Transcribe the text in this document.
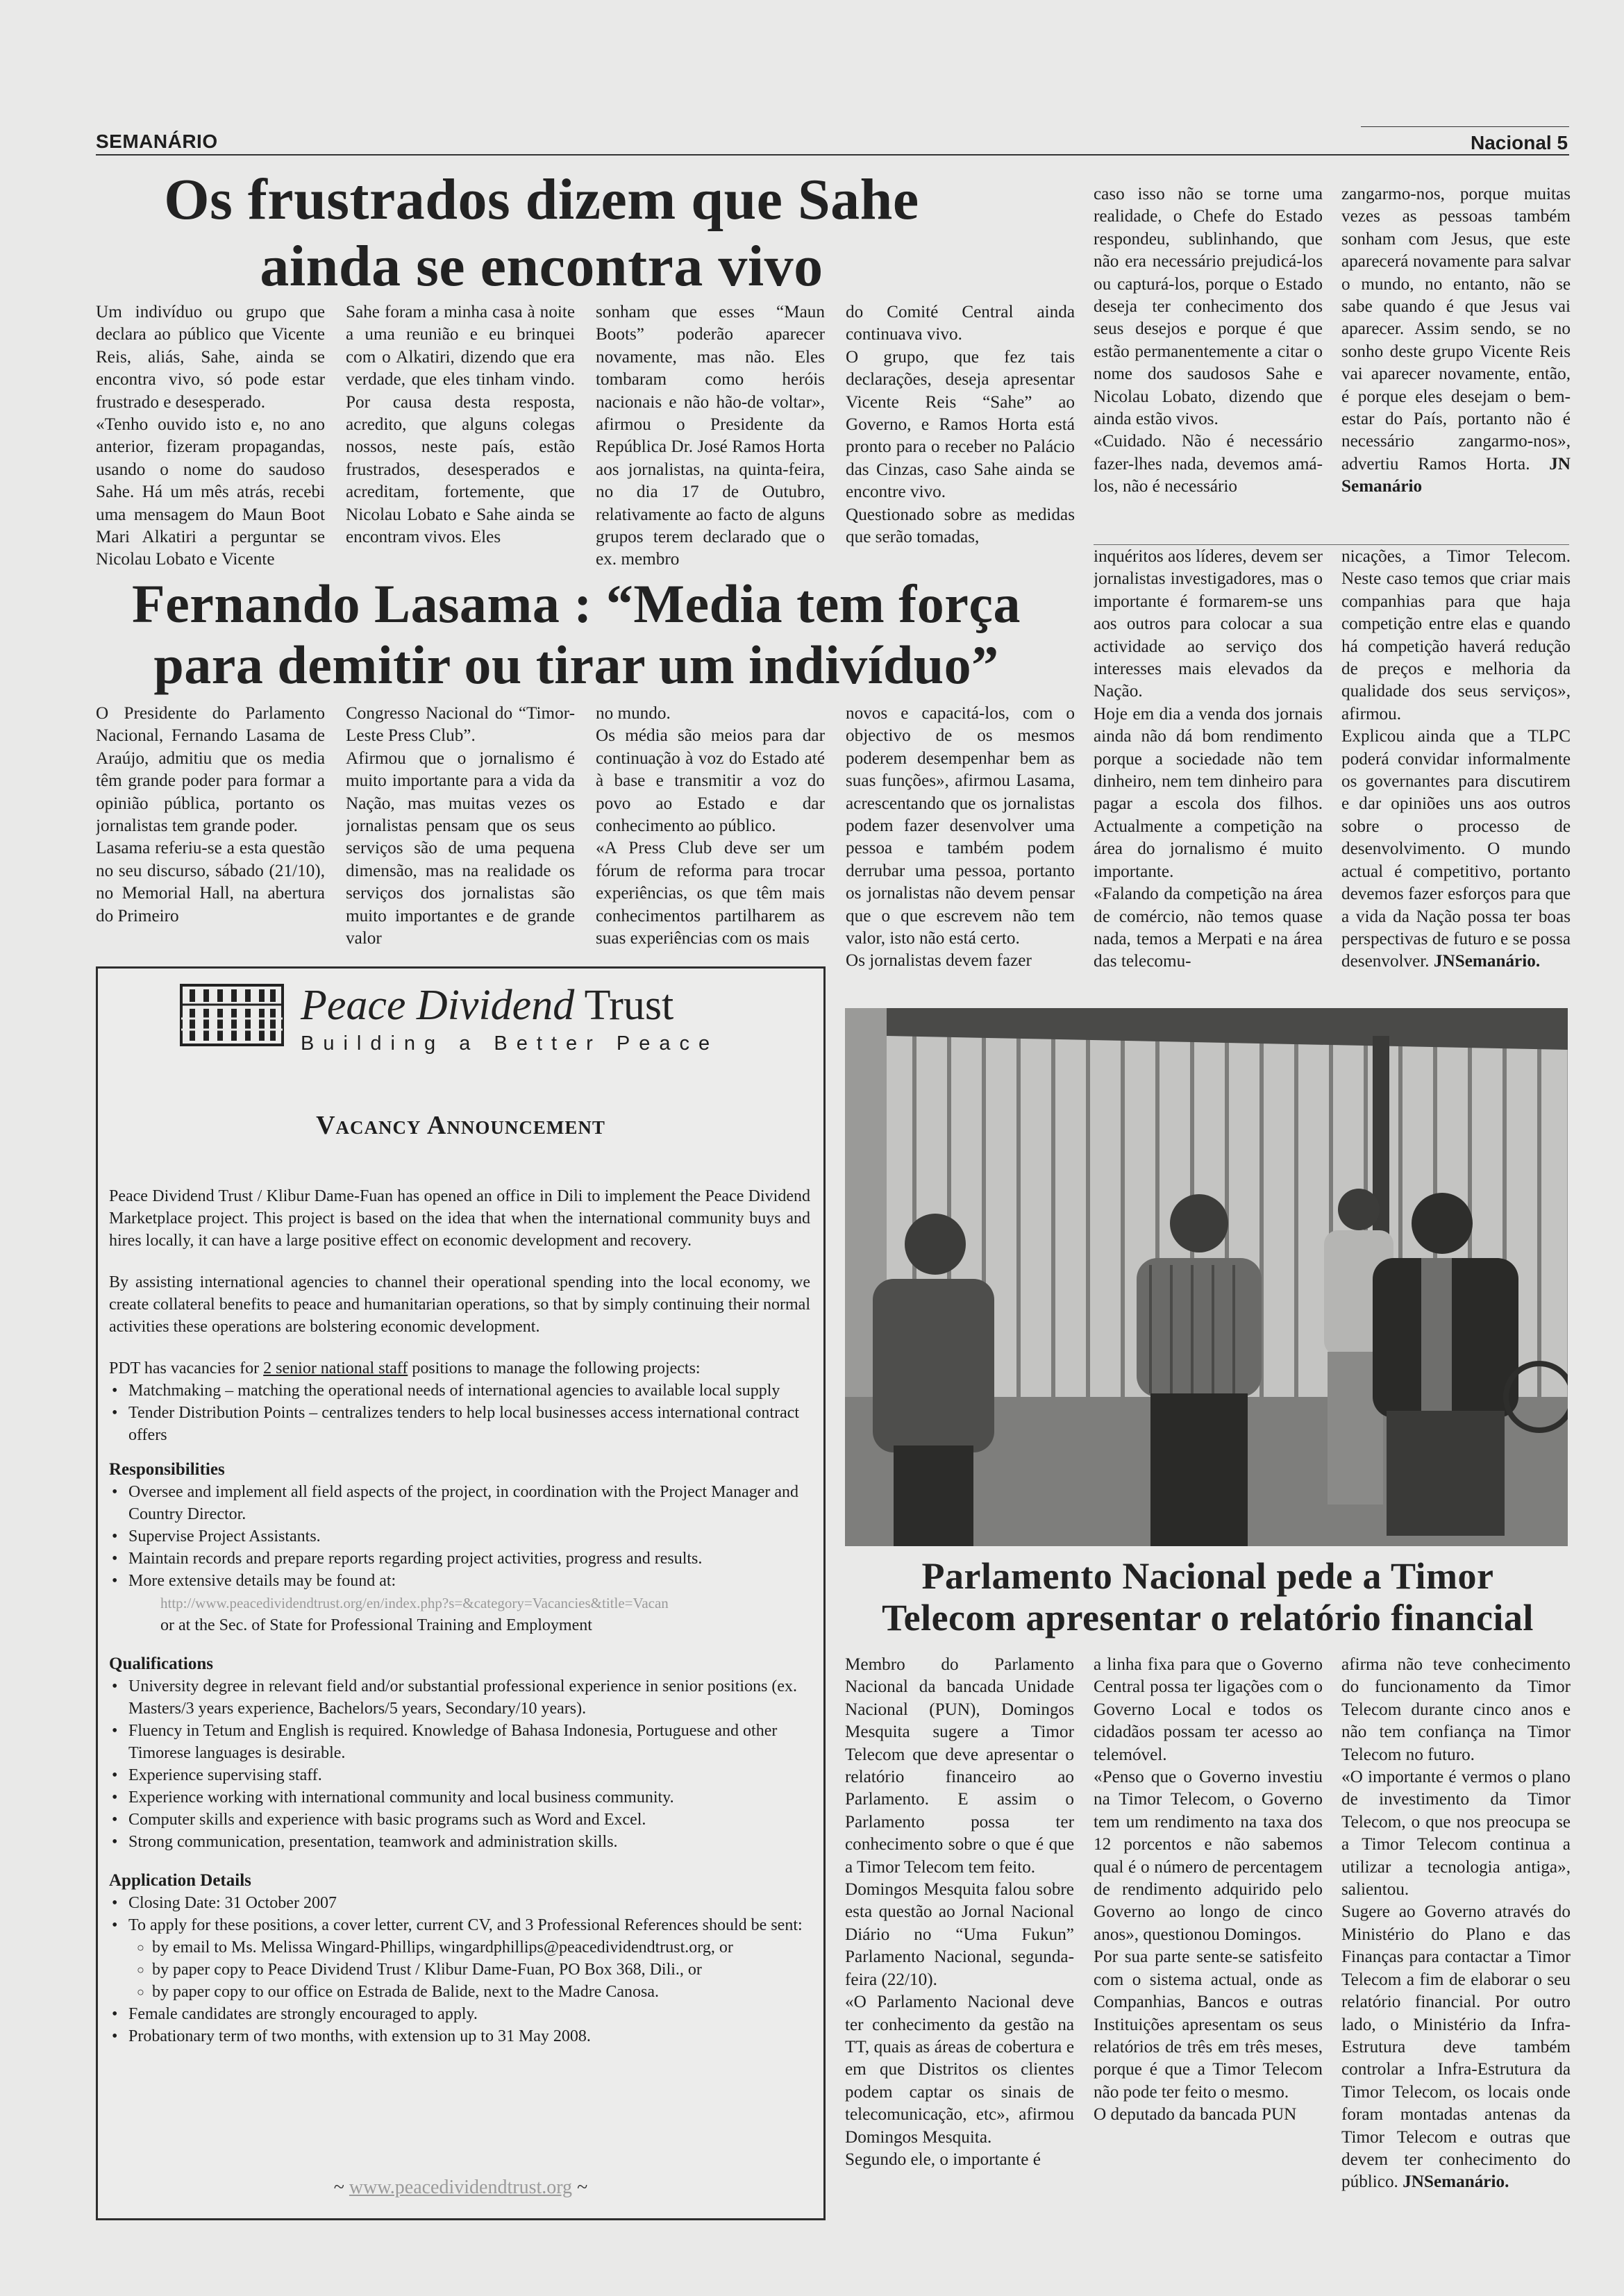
SEMANÁRIO	Nacional 5
Os frustrados dizem que Sahe ainda se encontra vivo

Um indivíduo ou grupo que declara ao público que Vicente Reis, aliás, Sahe, ainda se encontra vivo, só pode estar frustrado e desesperado.
«Tenho ouvido isto e, no ano anterior, fizeram propagandas, usando o nome do saudoso Sahe. Há um mês atrás, recebi uma mensagem do Maun Boot Mari Alkatiri a perguntar se Nicolau Lobato e Vicente

Sahe foram a minha casa à noite a uma reunião e eu brinquei com o Alkatiri, dizendo que era verdade, que eles tinham vindo. Por causa desta resposta, acredito, que alguns colegas nossos, neste país, estão frustrados, desesperados e acreditam, fortemente, que Nicolau Lobato e Sahe ainda se encontram vivos. Eles

sonham que esses “Maun Boots” poderão aparecer novamente, mas não. Eles tombaram como heróis nacionais e não hão-de voltar», afirmou o Presidente da República Dr. José Ramos Horta aos jornalistas, na quinta-feira, no dia 17 de Outubro, relativamente ao facto de alguns grupos terem declarado que o ex. membro

do Comité Central ainda continuava vivo.
O grupo, que fez tais declarações, deseja apresentar Vicente Reis “Sahe” ao Governo, e Ramos Horta está pronto para o receber no Palácio das Cinzas, caso Sahe ainda se encontre vivo.
Questionado sobre as medidas que serão tomadas,

caso isso não se torne uma realidade, o Chefe do Estado respondeu, sublinhando, que não era necessário prejudicá-los ou capturá-los, porque o Estado deseja ter conhecimento dos seus desejos e porque é que estão permanentemente a citar o nome dos saudosos Sahe e Nicolau Lobato, dizendo que ainda estão vivos.
«Cuidado. Não é necessário fazer-lhes nada, devemos amá-los, não é necessário

zangarmo-nos, porque muitas vezes as pessoas também sonham com Jesus, que este aparecerá novamente para salvar o mundo, no entanto, não se sabe quando é que Jesus vai aparecer. Assim sendo, se no sonho deste grupo Vicente Reis vai aparecer novamente, então, é porque eles desejam o bem-estar do País, portanto não é necessário zangarmo-nos», advertiu Ramos Horta. JN Semanário

Fernando Lasama : “Media tem força
para demitir ou tirar um indivíduo”

O Presidente do Parlamento Nacional, Fernando Lasama de Araújo, admitiu que os media têm grande poder para formar a opinião pública, portanto os jornalistas tem grande poder.
Lasama referiu-se a esta questão no seu discurso, sábado (21/10), no Memorial Hall, na abertura do Primeiro

Congresso Nacional do “Timor-Leste Press Club”.
Afirmou que o jornalismo é muito importante para a vida da Nação, mas muitas vezes os jornalistas pensam que os seus serviços são de uma pequena dimensão, mas na realidade os serviços dos jornalistas são muito importantes e de grande valor

no mundo.
Os média são meios para dar continuação à voz do Estado até à base e transmitir a voz do povo ao Estado e dar conhecimento ao público.
«A Press Club deve ser um fórum de reforma para trocar experiências, os que têm mais conhecimentos partilharem as suas experiências com os mais

novos e capacitá-los, com o objectivo de os mesmos poderem desempenhar bem as suas funções», afirmou Lasama, acrescentando que os jornalistas podem fazer desenvolver uma pessoa e também podem derrubar uma pessoa, portanto os jornalistas não devem pensar que o que escrevem não tem valor, isto não está certo.
Os jornalistas devem fazer

inquéritos aos líderes, devem ser jornalistas investigadores, mas o importante é formarem-se uns aos outros para colocar a sua actividade ao serviço dos interesses mais elevados da Nação.
Hoje em dia a venda dos jornais ainda não dá bom rendimento porque a sociedade não tem dinheiro, nem tem dinheiro para pagar a escola dos filhos. Actualmente a competição na área do jornalismo é muito importante.
«Falando da competição na área de comércio, não temos quase nada, temos a Merpati e na área das telecomu-

nicações, a Timor Telecom. Neste caso temos que criar mais companhias para que haja competição entre elas e quando há competição haverá redução de preços e melhoria da qualidade dos seus serviços», afirmou.
Explicou ainda que a TLPC poderá convidar informalmente os governantes para discutirem e dar opiniões uns aos outros sobre o processo de desenvolvimento. O mundo actual é competitivo, portanto devemos fazer esforços para que a vida da Nação possa ter boas perspectivas de futuro e se possa desenvolver. JNSemanário.

Peace Dividend Trust
Building a Better Peace
Vacancy Announcement

Peace Dividend Trust / Klibur Dame-Fuan has opened an office in Dili to implement the Peace Dividend Marketplace project. This project is based on the idea that when the international community buys and hires locally, it can have a large positive effect on economic development and recovery.

By assisting international agencies to channel their operational spending into the local economy, we create collateral benefits to peace and humanitarian operations, so that by simply continuing their normal activities these operations are bolstering economic development.

PDT has vacancies for 2 senior national staff positions to manage the following projects:

• Matchmaking – matching the operational needs of international agencies to available local supply
• Tender Distribution Points – centralizes tenders to help local businesses access international contract offers
Responsibilities
• Oversee and implement all field aspects of the project, in coordination with the Project Manager and Country Director.
• Supervise Project Assistants.
• Maintain records and prepare reports regarding project activities, progress and results.
• More extensive details may be found at:
http://www.peacedividendtrust.org/en/index.php?s=&category=Vacancies&title=Vacan
or at the Sec. of State for Professional Training and Employment
Qualifications
• University degree in relevant field and/or substantial professional experience in senior positions (ex. Masters/3 years experience, Bachelors/5 years, Secondary/10 years).
• Fluency in Tetum and English is required. Knowledge of Bahasa Indonesia, Portuguese and other Timorese languages is desirable.
• Experience supervising staff.
• Experience working with international community and local business community.
• Computer skills and experience with basic programs such as Word and Excel.
• Strong communication, presentation, teamwork and administration skills.
Application Details
• Closing Date: 31 October 2007
• To apply for these positions, a cover letter, current CV, and 3 Professional References should be sent:
○ by email to Ms. Melissa Wingard-Phillips, wingardphillips@peacedividendtrust.org, or
○ by paper copy to Peace Dividend Trust / Klibur Dame-Fuan, PO Box 368, Dili., or
○ by paper copy to our office on Estrada de Balide, next to the Madre Canosa.
• Female candidates are strongly encouraged to apply.
• Probationary term of two months, with extension up to 31 May 2008.
~ www.peacedividendtrust.org ~
Parlamento Nacional pede a Timor
Telecom apresentar o relatório financial

Membro do Parlamento Nacional da bancada Unidade Nacional (PUN), Domingos Mesquita sugere a Timor Telecom que deve apresentar o relatório financeiro ao Parlamento. E assim o Parlamento possa ter conhecimento sobre o que é que a Timor Telecom tem feito.
Domingos Mesquita falou sobre esta questão ao Jornal Nacional Diário no “Uma Fukun” Parlamento Nacional, segunda-feira (22/10).
«O Parlamento Nacional deve ter conhecimento da gestão na TT, quais as áreas de cobertura e em que Distritos os clientes podem captar os sinais de telecomunicação, etc», afirmou Domingos Mesquita.
Segundo ele, o importante é

a linha fixa para que o Governo Central possa ter ligações com o Governo Local e todos os cidadãos possam ter acesso ao telemóvel.
«Penso que o Governo investiu na Timor Telecom, o Governo tem um rendimento na taxa dos 12 porcentos e não sabemos qual é o número de percentagem de rendimento adquirido pelo Governo ao longo de cinco anos», questionou Domingos.
Por sua parte sente-se satisfeito com o sistema actual, onde as Companhias, Bancos e outras Instituições apresentam os seus relatórios de três em três meses, porque é que a Timor Telecom não pode ter feito o mesmo.
O deputado da bancada PUN

afirma não teve conhecimento do funcionamento da Timor Telecom durante cinco anos e não tem confiança na Timor Telecom no futuro.
«O importante é vermos o plano de investimento da Timor Telecom, o que nos preocupa se a Timor Telecom continua a utilizar a tecnologia antiga», salientou.
Sugere ao Governo através do Ministério do Plano e das Finanças para contactar a Timor Telecom a fim de elaborar o seu relatório financial. Por outro lado, o Ministério da Infra-Estrutura deve também controlar a Infra-Estrutura da Timor Telecom, os locais onde foram montadas antenas da Timor Telecom e outras que devem ter conhecimento do público. JNSemanário.
